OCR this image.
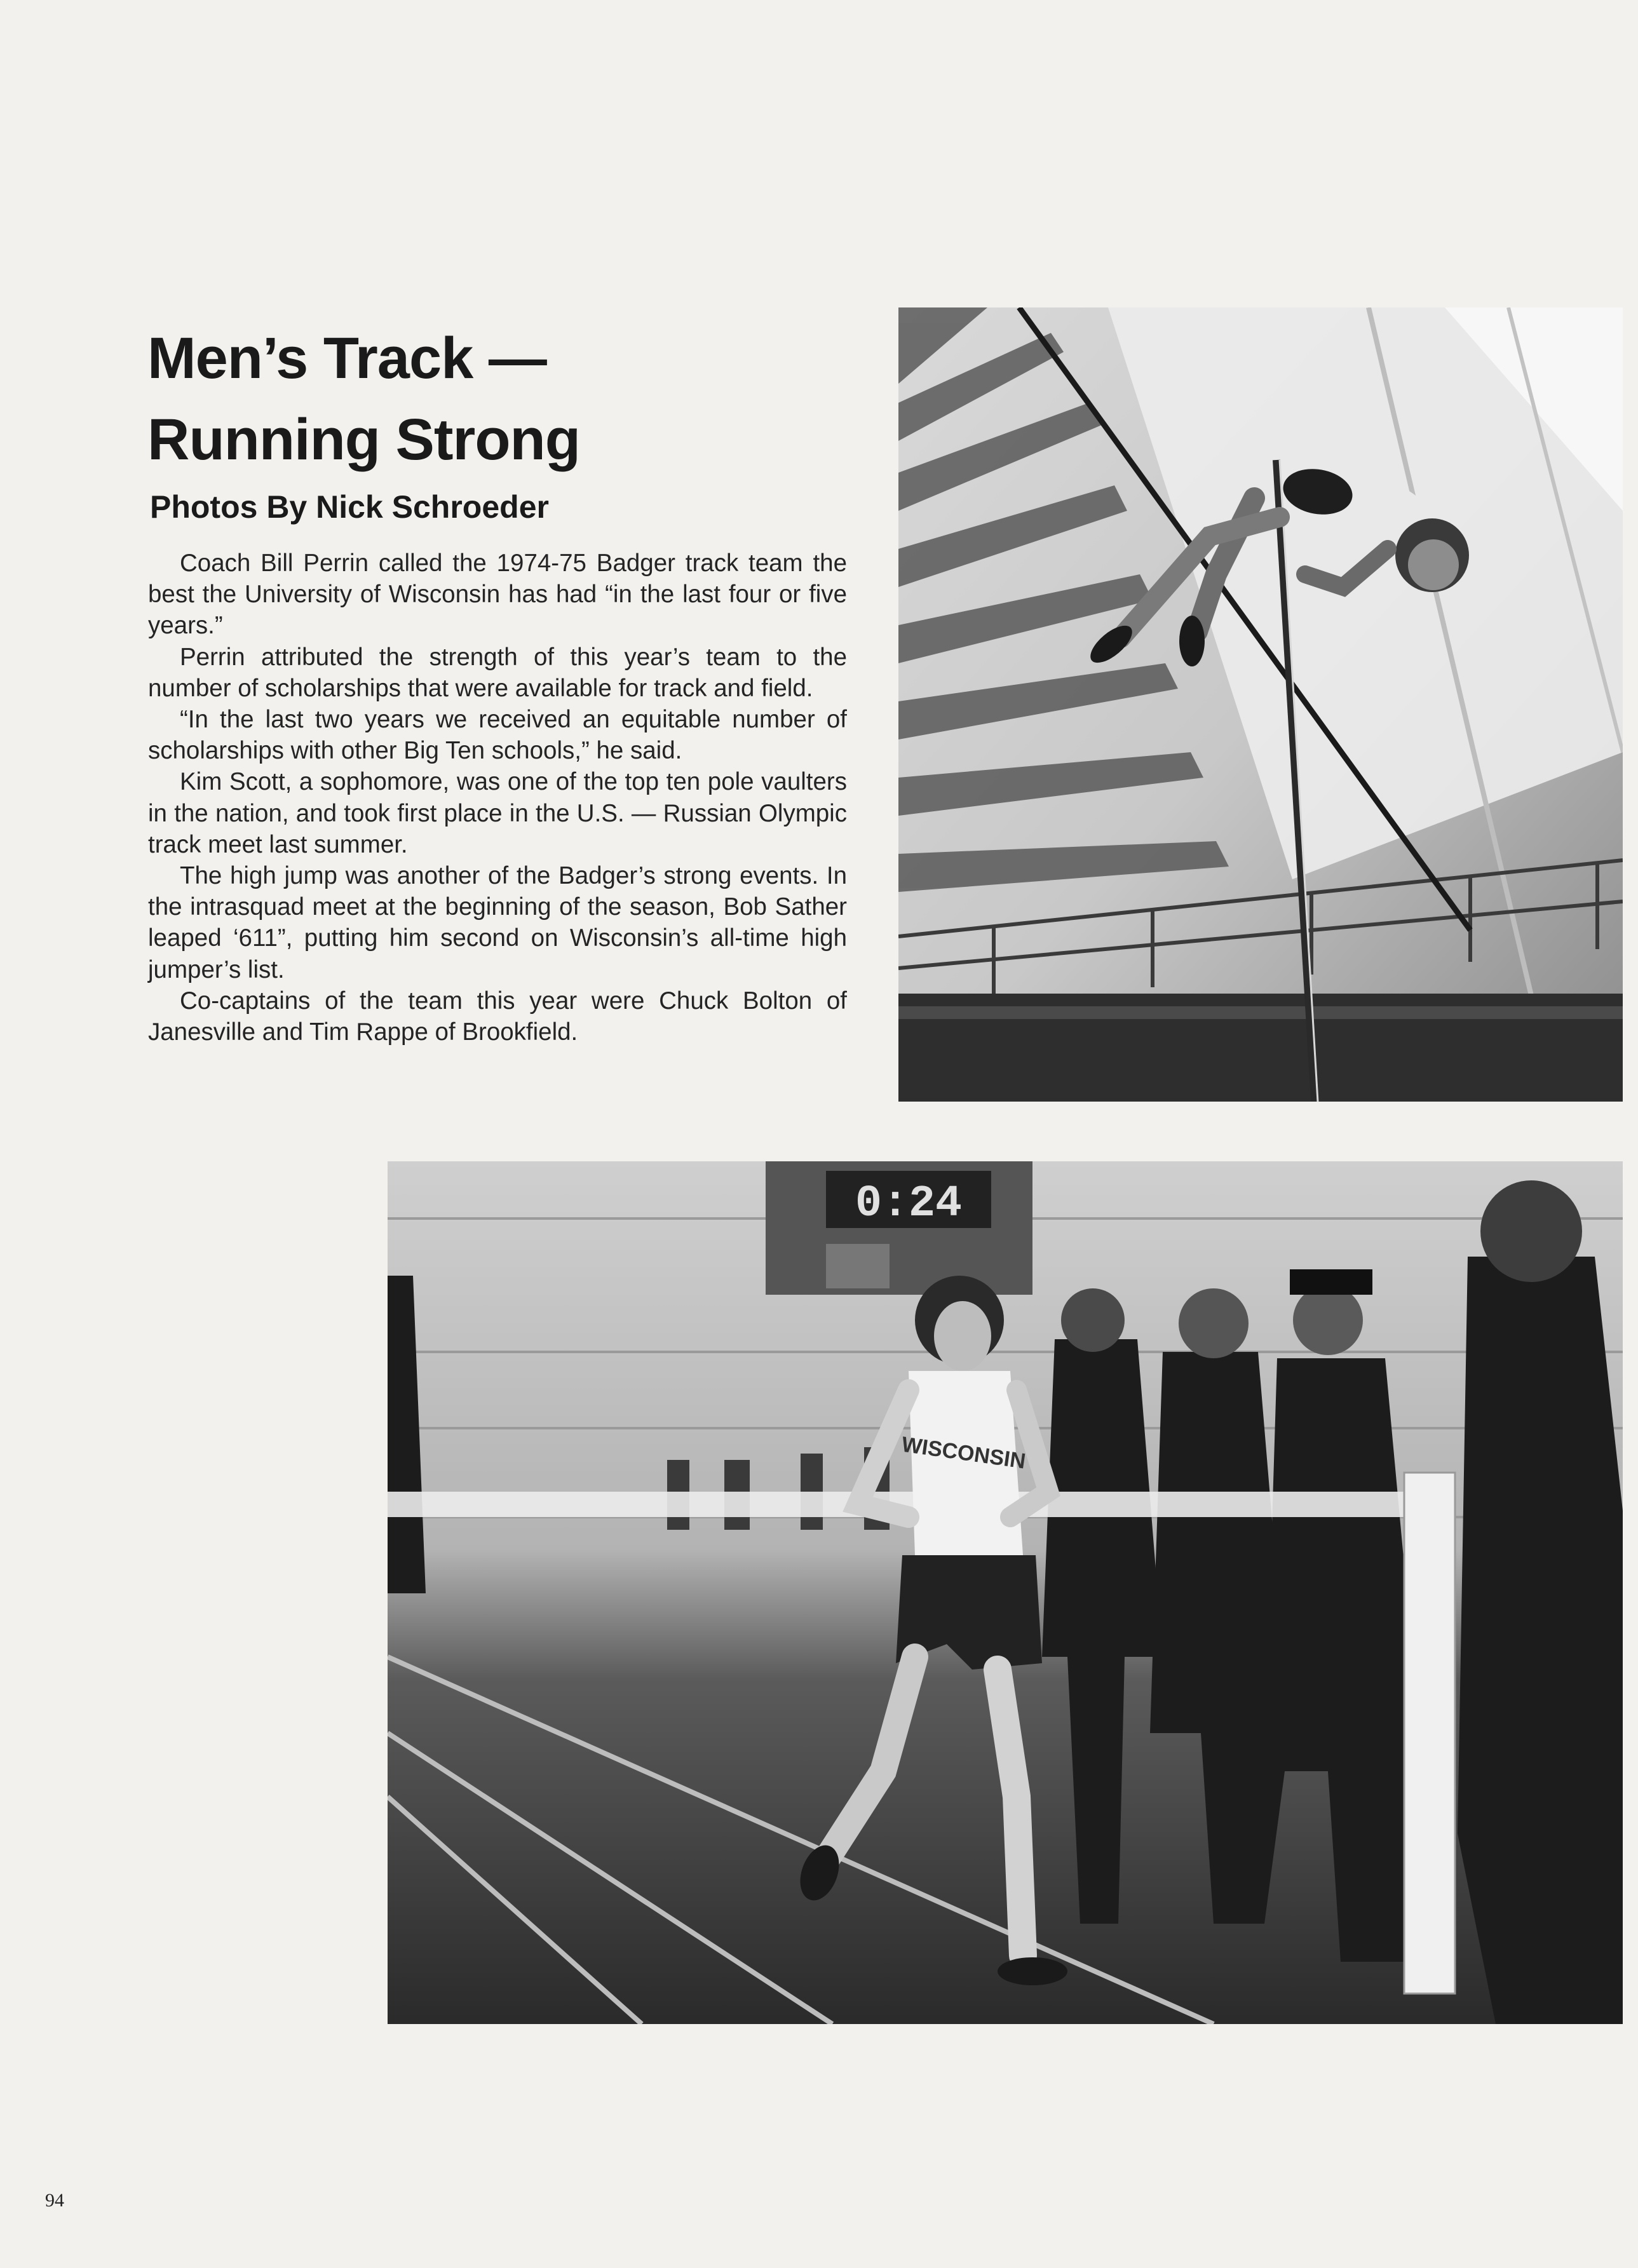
Men’s Track —
Running Strong
Photos By Nick Schroeder

Coach Bill Perrin called the 1974-75 Badger track team the best the University of Wisconsin has had “in the last four or five years.”

Perrin attributed the strength of this year’s team to the number of scholarships that were available for track and field.

“In the last two years we received an equitable number of scholarships with other Big Ten schools,” he said.

Kim Scott, a sophomore, was one of the top ten pole vaulters in the nation, and took first place in the U.S. — Russian Olympic track meet last summer.

The high jump was another of the Badger’s strong events. In the intrasquad meet at the beginning of the season, Bob Sather leaped ‘611”, putting him second on Wisconsin’s all-time high jumper’s list.

Co-captains of the team this year were Chuck Bolton of Janesville and Tim Rappe of Brookfield.

0:24
WISCONSIN
94
